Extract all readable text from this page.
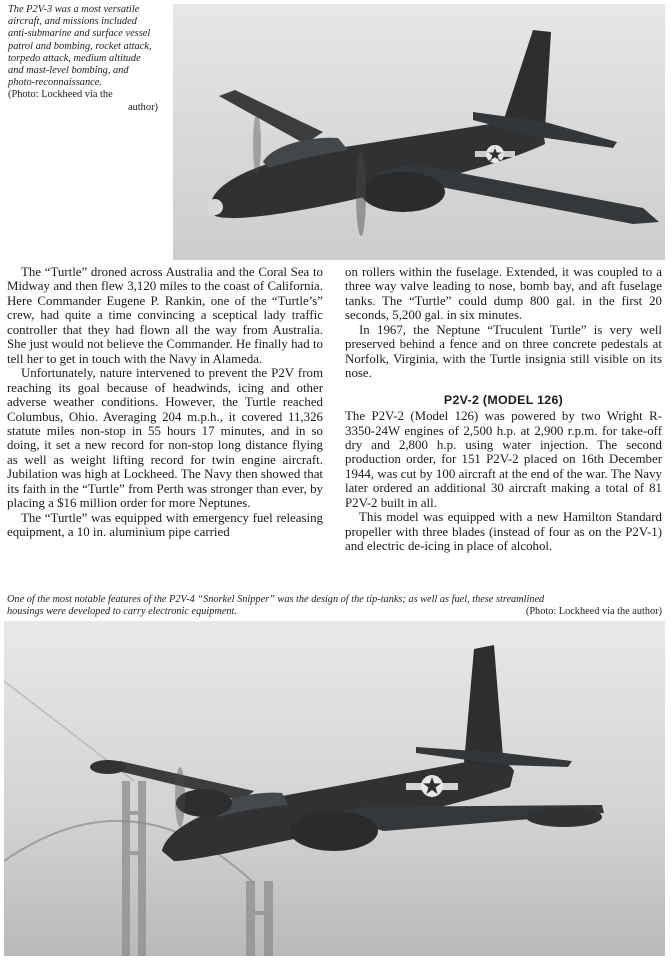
The P2V-3 was a most versatile aircraft, and missions included anti-submarine and surface vessel patrol and bombing, rocket attack, torpedo attack, medium altitude and mast-level bombing, and photo-reconnaissance.
(Photo: Lockheed via the
author)

The “Turtle” droned across Australia and the Coral Sea to Midway and then flew 3,120 miles to the coast of California. Here Commander Eugene P. Rankin, one of the “Turtle’s” crew, had quite a time convincing a sceptical lady traffic controller that they had flown all the way from Australia. She just would not believe the Commander. He finally had to tell her to get in touch with the Navy in Alameda.

Unfortunately, nature intervened to prevent the P2V from reaching its goal because of headwinds, icing and other adverse weather conditions. However, the Turtle reached Columbus, Ohio. Averaging 204 m.p.h., it covered 11,326 statute miles non-stop in 55 hours 17 minutes, and in so doing, it set a new record for non-stop long distance flying as well as weight lifting record for twin engine aircraft. Jubilation was high at Lockheed. The Navy then showed that its faith in the “Turtle” from Perth was stronger than ever, by placing a $16 million order for more Neptunes.

The “Turtle” was equipped with emergency fuel releasing equipment, a 10 in. aluminium pipe carried

on rollers within the fuselage. Extended, it was coupled to a three way valve leading to nose, bomb bay, and aft fuselage tanks. The “Turtle” could dump 800 gal. in the first 20 seconds, 5,200 gal. in six minutes.

In 1967, the Neptune “Truculent Turtle” is very well preserved behind a fence and on three concrete pedestals at Norfolk, Virginia, with the Turtle insignia still visible on its nose.

P2V-2 (MODEL 126)

The P2V-2 (Model 126) was powered by two Wright R-3350-24W engines of 2,500 h.p. at 2,900 r.p.m. for take-off dry and 2,800 h.p. using water injection. The second production order, for 151 P2V-2 placed on 16th December 1944, was cut by 100 aircraft at the end of the war. The Navy later ordered an additional 30 aircraft making a total of 81 P2V-2 built in all.

This model was equipped with a new Hamilton Standard propeller with three blades (instead of four as on the P2V-1) and electric de-icing in place of alcohol.

One of the most notable features of the P2V-4 “Snorkel Snipper” was the design of the tip-tanks; as well as fuel, these streamlined
housings were developed to carry electronic equipment.	(Photo: Lockheed via the author)
